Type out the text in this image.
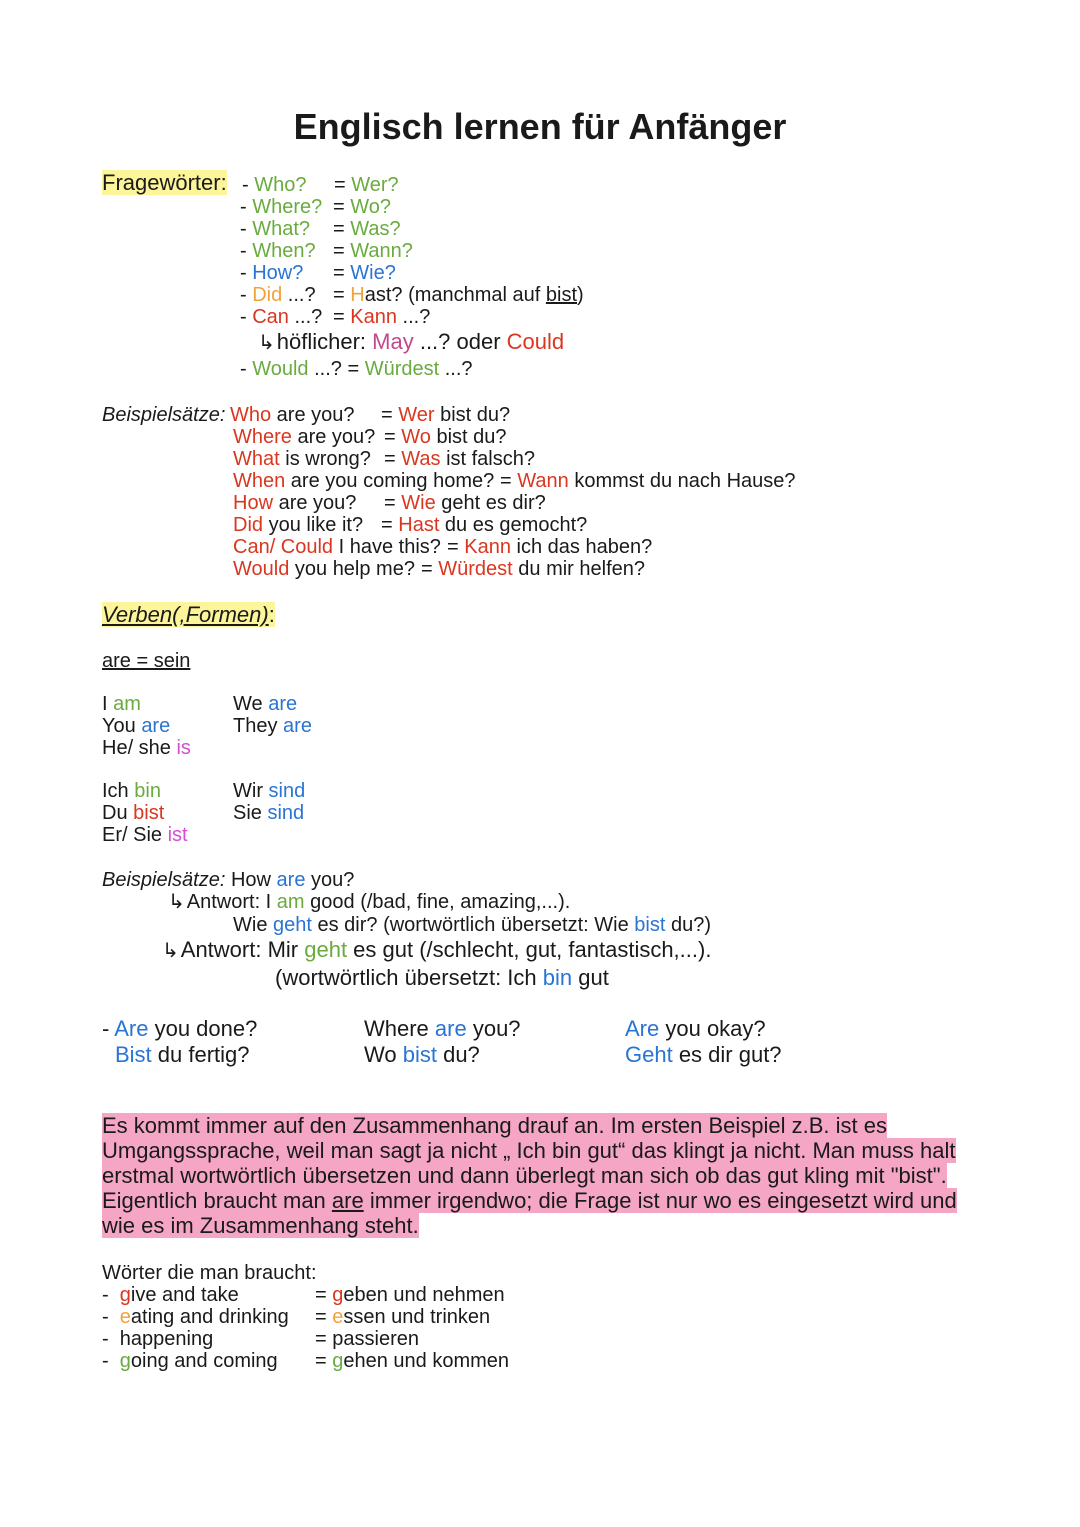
Englisch lernen für Anfänger
Fragewörter: - Who? = Wer?
- Where? = Wo?
- What? = Was?
- When? = Wann?
- How? = Wie?
- Did ...? = Hast? (manchmal auf bist)
- Can ...? = Kann ...?
↳höflicher: May ...? oder Could
- Would ...? = Würdest ...?
Beispielsätze: Who are you? = Wer bist du?
Where are you? = Wo bist du?
What is wrong? = Was ist falsch?
When are you coming home? = Wann kommst du nach Hause?
How are you? = Wie geht es dir?
Did you like it? = Hast du es gemocht?
Can/ Could I have this? = Kann ich das haben?
Would you help me? = Würdest du mir helfen?
Verben(,Formen):
are = sein
I am
You are
He/ she is
We are
They are
Ich bin
Du bist
Er/ Sie ist
Wir sind
Sie sind
Beispielsätze: How are you?
↳ Antwort: I am good (/bad, fine, amazing,...).
Wie geht es dir? (wortwörtlich übersetzt: Wie bist du?)
↳Antwort: Mir geht es gut (/schlecht, gut, fantastisch,...).
(wortwörtlich übersetzt: Ich bin gut
- Are you done?
Bist du fertig?
Where are you?
Wo bist du?
Are you okay?
Geht es dir gut?
Es kommt immer auf den Zusammenhang drauf an. Im ersten Beispiel z.B. ist es
Umgangssprache, weil man sagt ja nicht „ Ich bin gut“ das klingt ja nicht. Man muss halt
erstmal wortwörtlich übersetzen und dann überlegt man sich ob das gut kling mit "bist".
Eigentlich braucht man are immer irgendwo; die Frage ist nur wo es eingesetzt wird und
wie es im Zusammenhang steht.
Wörter die man braucht:
-  give and take	= geben und nehmen
-  eating and drinking = essen und trinken
-  happening	= passieren
-  going and coming = gehen und kommen
